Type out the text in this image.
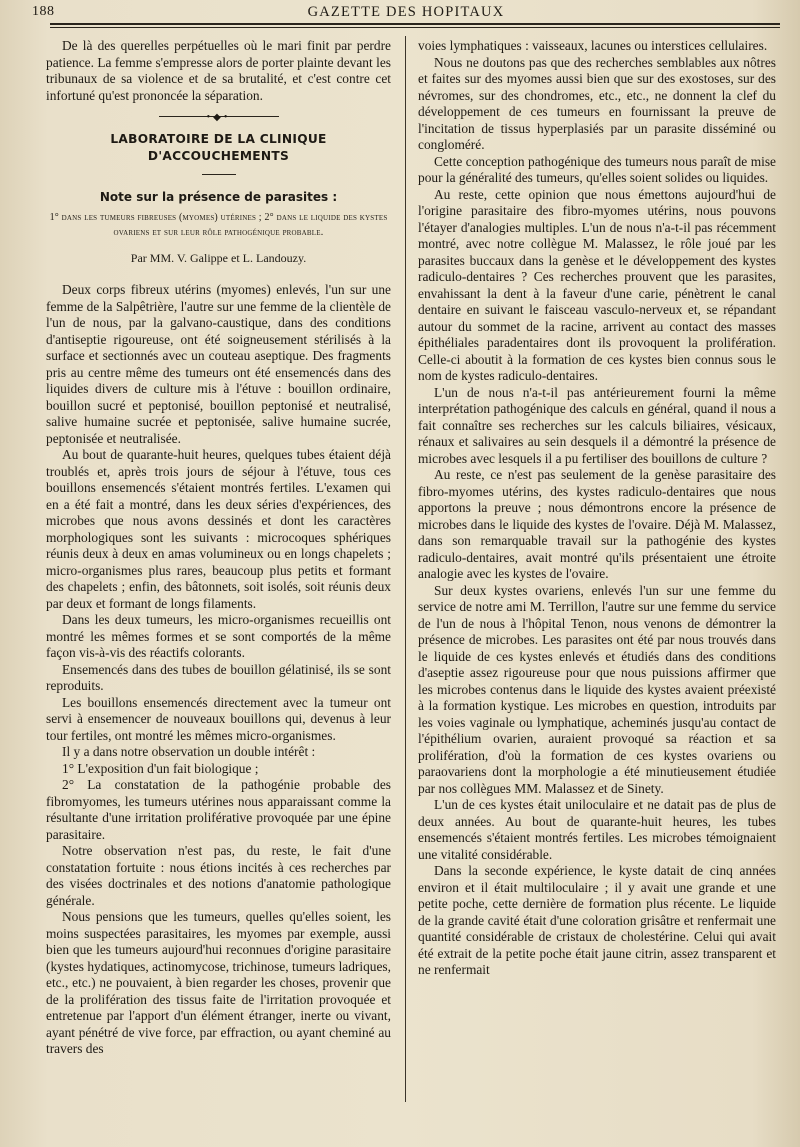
188	GAZETTE DES HOPITAUX

De là des querelles perpétuelles où le mari finit par perdre patience. La femme s'empresse alors de porter plainte devant les tribunaux de sa violence et de sa brutalité, et c'est contre cet infortuné qu'est prononcée la séparation.

•◆•
LABORATOIRE DE LA CLINIQUE D'ACCOUCHEMENTS
Note sur la présence de parasites :
1° dans les tumeurs fibreuses (myomes) utérines ; 2° dans le liquide des kystes ovariens et sur leur rôle pathogénique probable.
Par MM. V. Galippe et L. Landouzy.

Deux corps fibreux utérins (myomes) enlevés, l'un sur une femme de la Salpêtrière, l'autre sur une femme de la clientèle de l'un de nous, par la galvano-caustique, dans des conditions d'antiseptie rigoureuse, ont été soigneusement stérilisés à la surface et sectionnés avec un couteau aseptique. Des fragments pris au centre même des tumeurs ont été ensemencés dans des liquides divers de culture mis à l'étuve : bouillon ordinaire, bouillon sucré et peptonisé, bouillon peptonisé et neutralisé, salive humaine sucrée et peptonisée, salive humaine sucrée, peptonisée et neutralisée.

Au bout de quarante-huit heures, quelques tubes étaient déjà troublés et, après trois jours de séjour à l'étuve, tous ces bouillons ensemencés s'étaient montrés fertiles. L'examen qui en a été fait a montré, dans les deux séries d'expériences, des microbes que nous avons dessinés et dont les caractères morphologiques sont les suivants : microcoques sphériques réunis deux à deux en amas volumineux ou en longs chapelets ; micro-organismes plus rares, beaucoup plus petits et formant des chapelets ; enfin, des bâtonnets, soit isolés, soit réunis deux par deux et formant de longs filaments.

Dans les deux tumeurs, les micro-organismes recueillis ont montré les mêmes formes et se sont comportés de la même façon vis-à-vis des réactifs colorants.

Ensemencés dans des tubes de bouillon gélatinisé, ils se sont reproduits.

Les bouillons ensemencés directement avec la tumeur ont servi à ensemencer de nouveaux bouillons qui, devenus à leur tour fertiles, ont montré les mêmes micro-organismes.

Il y a dans notre observation un double intérêt :

1° L'exposition d'un fait biologique ;

2° La constatation de la pathogénie probable des fibromyomes, les tumeurs utérines nous apparaissant comme la résultante d'une irritation proliférative provoquée par une épine parasitaire.

Notre observation n'est pas, du reste, le fait d'une constatation fortuite : nous étions incités à ces recherches par des visées doctrinales et des notions d'anatomie pathologique générale.

Nous pensions que les tumeurs, quelles qu'elles soient, les moins suspectées parasitaires, les myomes par exemple, aussi bien que les tumeurs aujourd'hui reconnues d'origine parasitaire (kystes hydatiques, actinomycose, trichinose, tumeurs ladriques, etc., etc.) ne pouvaient, à bien regarder les choses, provenir que de la prolifération des tissus faite de l'irritation provoquée et entretenue par l'apport d'un élément étranger, inerte ou vivant, ayant pénétré de vive force, par effraction, ou ayant cheminé au travers des

voies lymphatiques : vaisseaux, lacunes ou interstices cellulaires.

Nous ne doutons pas que des recherches semblables aux nôtres et faites sur des myomes aussi bien que sur des exostoses, sur des névromes, sur des chondromes, etc., etc., ne donnent la clef du développement de ces tumeurs en fournissant la preuve de l'incitation de tissus hyperplasiés par un parasite disséminé ou congloméré.

Cette conception pathogénique des tumeurs nous paraît de mise pour la généralité des tumeurs, qu'elles soient solides ou liquides.

Au reste, cette opinion que nous émettons aujourd'hui de l'origine parasitaire des fibro-myomes utérins, nous pouvons l'étayer d'analogies multiples. L'un de nous n'a-t-il pas récemment montré, avec notre collègue M. Malassez, le rôle joué par les parasites buccaux dans la genèse et le développement des kystes radiculo-dentaires ? Ces recherches prouvent que les parasites, envahissant la dent à la faveur d'une carie, pénètrent le canal dentaire en suivant le faisceau vasculo-nerveux et, se répandant autour du sommet de la racine, arrivent au contact des masses épithéliales paradentaires dont ils provoquent la prolifération. Celle-ci aboutit à la formation de ces kystes bien connus sous le nom de kystes radiculo-dentaires.

L'un de nous n'a-t-il pas antérieurement fourni la même interprétation pathogénique des calculs en général, quand il nous a fait connaître ses recherches sur les calculs biliaires, vésicaux, rénaux et salivaires au sein desquels il a démontré la présence de microbes avec lesquels il a pu fertiliser des bouillons de culture ?

Au reste, ce n'est pas seulement de la genèse parasitaire des fibro-myomes utérins, des kystes radiculo-dentaires que nous apportons la preuve ; nous démontrons encore la présence de microbes dans le liquide des kystes de l'ovaire. Déjà M. Malassez, dans son remarquable travail sur la pathogénie des kystes radiculo-dentaires, avait montré qu'ils présentaient une étroite analogie avec les kystes de l'ovaire.

Sur deux kystes ovariens, enlevés l'un sur une femme du service de notre ami M. Terrillon, l'autre sur une femme du service de l'un de nous à l'hôpital Tenon, nous venons de démontrer la présence de microbes. Les parasites ont été par nous trouvés dans le liquide de ces kystes enlevés et étudiés dans des conditions d'aseptie assez rigoureuse pour que nous puissions affirmer que les microbes contenus dans le liquide des kystes avaient préexisté à la formation kystique. Les microbes en question, introduits par les voies vaginale ou lymphatique, acheminés jusqu'au contact de l'épithélium ovarien, auraient provoqué sa réaction et sa prolifération, d'où la formation de ces kystes ovariens ou paraovariens dont la morphologie a été minutieusement étudiée par nos collègues MM. Malassez et de Sinety.

L'un de ces kystes était uniloculaire et ne datait pas de plus de deux années. Au bout de quarante-huit heures, les tubes ensemencés s'étaient montrés fertiles. Les microbes témoignaient une vitalité considérable.

Dans la seconde expérience, le kyste datait de cinq années environ et il était multiloculaire ; il y avait une grande et une petite poche, cette dernière de formation plus récente. Le liquide de la grande cavité était d'une coloration grisâtre et renfermait une quantité considérable de cristaux de cholestérine. Celui qui avait été extrait de la petite poche était jaune citrin, assez transparent et ne renfermait
